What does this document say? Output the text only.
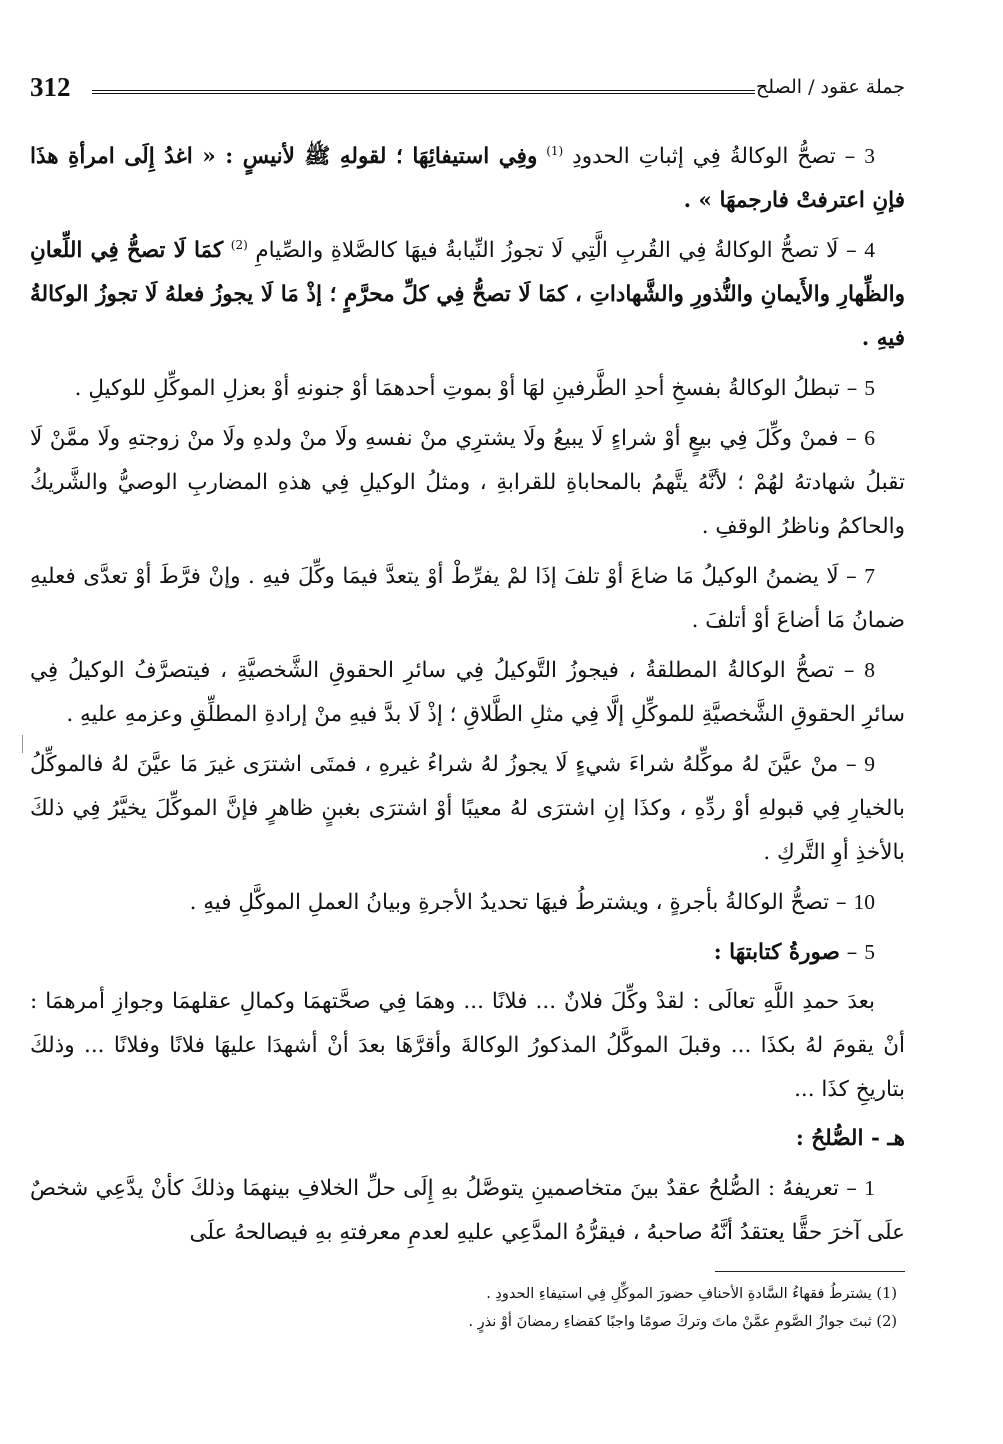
312	جملة عقود / الصلح

3 – تصحُّ الوكالةُ فِي إثباتِ الحدودِ $^{(1)}$ وفِي استيفائِهَا ؛ لقولهِ ﷺ لأنيسٍ : « اغدُ إِلَى امرأةِ هذَا فإنِ اعترفتْ فارجمهَا » .

4 – لَا تصحُّ الوكالةُ فِي القُربِ الَّتِي لَا تجوزُ النِّيابةُ فيهَا كالصَّلاةِ والصِّيامِ $^{(2)}$ كمَا لَا تصحُّ فِي اللِّعانِ والظِّهارِ والأَيمانِ والنُّذورِ والشَّهاداتِ ، كمَا لَا تصحُّ فِي كلِّ محرَّمٍ ؛ إذْ مَا لَا يجوزُ فعلهُ لَا تجوزُ الوكالةُ فيهِ .

5 – تبطلُ الوكالةُ بفسخِ أحدِ الطَّرفينِ لهَا أوْ بموتِ أحدهمَا أوْ جنونهِ أوْ بعزلِ الموكِّلِ للوكيلِ .

6 – فمنْ وكِّلَ فِي بيعٍ أوْ شراءٍ لَا يبيعُ ولَا يشترِي منْ نفسهِ ولَا منْ ولدهِ ولَا منْ زوجتهِ ولَا ممَّنْ لَا تقبلُ شهادتهُ لهُمْ ؛ لأنَّهُ يتَّهمُ بالمحاباةِ للقرابةِ ، ومثلُ الوكيلِ فِي هذهِ المضاربِ الوصيُّ والشَّريكُ والحاكمُ وناظرُ الوقفِ .

7 – لَا يضمنُ الوكيلُ مَا ضاعَ أوْ تلفَ إذَا لمْ يفرِّطْ أوْ يتعدَّ فيمَا وكِّلَ فيهِ . وإنْ فرَّطَ أوْ تعدَّى فعليهِ ضمانُ مَا أضاعَ أوْ أتلفَ .

8 – تصحُّ الوكالةُ المطلقةُ ، فيجوزُ التَّوكيلُ فِي سائرِ الحقوقِ الشَّخصيَّةِ ، فيتصرَّفُ الوكيلُ فِي سائرِ الحقوقِ الشَّخصيَّةِ للموكِّلِ إلَّا فِي مثلِ الطَّلاقِ ؛ إذْ لَا بدَّ فيهِ منْ إرادةِ المطلِّقِ وعزمهِ عليهِ .

9 – منْ عيَّنَ لهُ موكِّلهُ شراءَ شيءٍ لَا يجوزُ لهُ شراءُ غيرهِ ، فمتَى اشترَى غيرَ مَا عيَّنَ لهُ فالموكِّلُ بالخيارِ فِي قبولهِ أوْ ردِّهِ ، وكذَا إنِ اشترَى لهُ معيبًا أوْ اشترَى بغبنٍ ظاهرٍ فإنَّ الموكِّلَ يخيَّرُ فِي ذلكَ بالأخذِ أوِ التَّركِ .

10 – تصحُّ الوكالةُ بأجرةٍ ، ويشترطُ فيهَا تحديدُ الأجرةِ وبيانُ العملِ الموكَّلِ فيهِ .

5 – صورةُ كتابتهَا :

بعدَ حمدِ اللَّهِ تعالَى : لقدْ وكِّلَ فلانٌ ... فلانًا ... وهمَا فِي صحَّتهمَا وكمالِ عقلهمَا وجوازِ أمرهمَا : أنْ يقومَ لهُ بكذَا ... وقبلَ الموكَّلُ المذكورُ الوكالةَ وأقرَّهَا بعدَ أنْ أشهدَا عليهَا فلانًا وفلانًا ... وذلكَ بتاريخِ كذَا ...

هـ - الصُّلحُ :

1 – تعريفهُ : الصُّلحُ عقدٌ بينَ متخاصمينِ يتوصَّلُ بهِ إِلَى حلِّ الخلافِ بينهمَا وذلكَ كأنْ يدَّعِي شخصٌ علَى آخرَ حقًّا يعتقدُ أنَّهُ صاحبهُ ، فيقرُّهُ المدَّعِي عليهِ لعدمِ معرفتهِ بهِ فيصالحهُ علَى

(1) يشترطُ فقهاءُ السَّادةِ الأحنافِ حضورَ الموكِّلِ فِي استيفاءِ الحدودِ .

(2) ثبتَ جوازُ الصَّومِ عمَّنْ ماتَ وتركَ صومًا واجبًا كقضاءِ رمضانَ أوْ نذرٍ .
